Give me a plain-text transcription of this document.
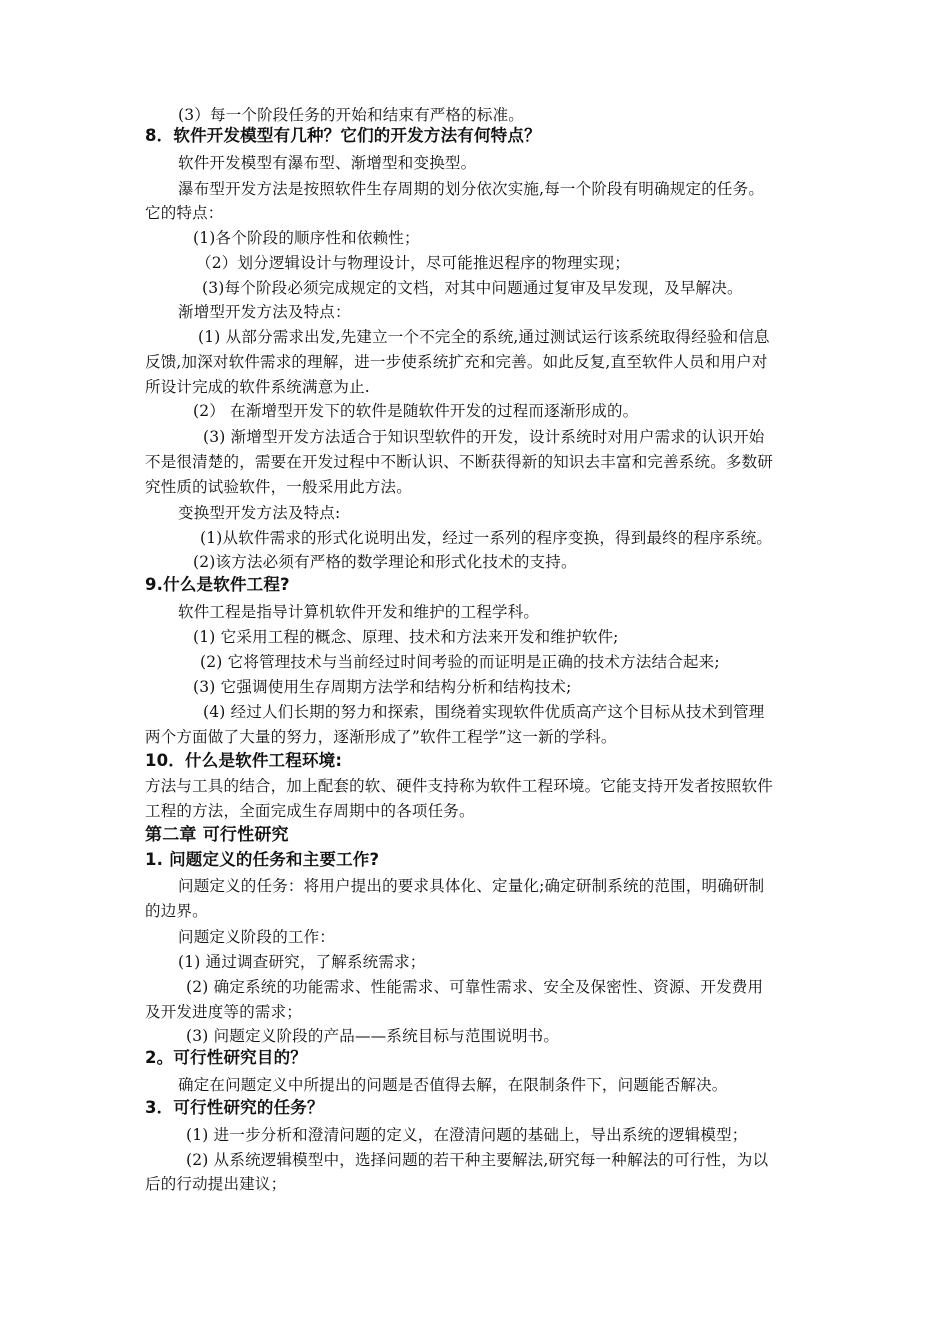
(3）每一个阶段任务的开始和结束有严格的标准。
8．软件开发模型有几种？它们的开发方法有何特点？
软件开发模型有瀑布型、渐增型和变换型。
瀑布型开发方法是按照软件生存周期的划分依次实施,每一个阶段有明确规定的任务。
它的特点：
(1)各个阶段的顺序性和依赖性；
（2）划分逻辑设计与物理设计，尽可能推迟程序的物理实现；
(3)每个阶段必须完成规定的文档，对其中问题通过复审及早发现，及早解决。
渐增型开发方法及特点：
(1) 从部分需求出发,先建立一个不完全的系统,通过测试运行该系统取得经验和信息
反馈,加深对软件需求的理解，进一步使系统扩充和完善。如此反复,直至软件人员和用户对
所设计完成的软件系统满意为止.
(2） 在渐增型开发下的软件是随软件开发的过程而逐渐形成的。
(3) 渐增型开发方法适合于知识型软件的开发，设计系统时对用户需求的认识开始
不是很清楚的，需要在开发过程中不断认识、不断获得新的知识去丰富和完善系统。多数研
究性质的试验软件，一般采用此方法。
变换型开发方法及特点:
(1)从软件需求的形式化说明出发，经过一系列的程序变换，得到最终的程序系统。
(2)该方法必须有严格的数学理论和形式化技术的支持。
9.什么是软件工程?
软件工程是指导计算机软件开发和维护的工程学科。
(1) 它采用工程的概念、原理、技术和方法来开发和维护软件;
(2) 它将管理技术与当前经过时间考验的而证明是正确的技术方法结合起来;
(3) 它强调使用生存周期方法学和结构分析和结构技术;
(4) 经过人们长期的努力和探索，围绕着实现软件优质高产这个目标从技术到管理
两个方面做了大量的努力，逐渐形成了”软件工程学”这一新的学科。
10．什么是软件工程环境:
方法与工具的结合，加上配套的软、硬件支持称为软件工程环境。它能支持开发者按照软件
工程的方法，全面完成生存周期中的各项任务。
第二章 可行性研究
1. 问题定义的任务和主要工作?
问题定义的任务：将用户提出的要求具体化、定量化;确定研制系统的范围，明确研制
的边界。
问题定义阶段的工作：
(1) 通过调查研究，了解系统需求；
(2) 确定系统的功能需求、性能需求、可靠性需求、安全及保密性、资源、开发费用
及开发进度等的需求；
(3) 问题定义阶段的产品——系统目标与范围说明书。
2。可行性研究目的？
确定在问题定义中所提出的问题是否值得去解，在限制条件下，问题能否解决。
3．可行性研究的任务？
(1) 进一步分析和澄清问题的定义，在澄清问题的基础上，导出系统的逻辑模型；
(2) 从系统逻辑模型中，选择问题的若干种主要解法,研究每一种解法的可行性，为以
后的行动提出建议；
